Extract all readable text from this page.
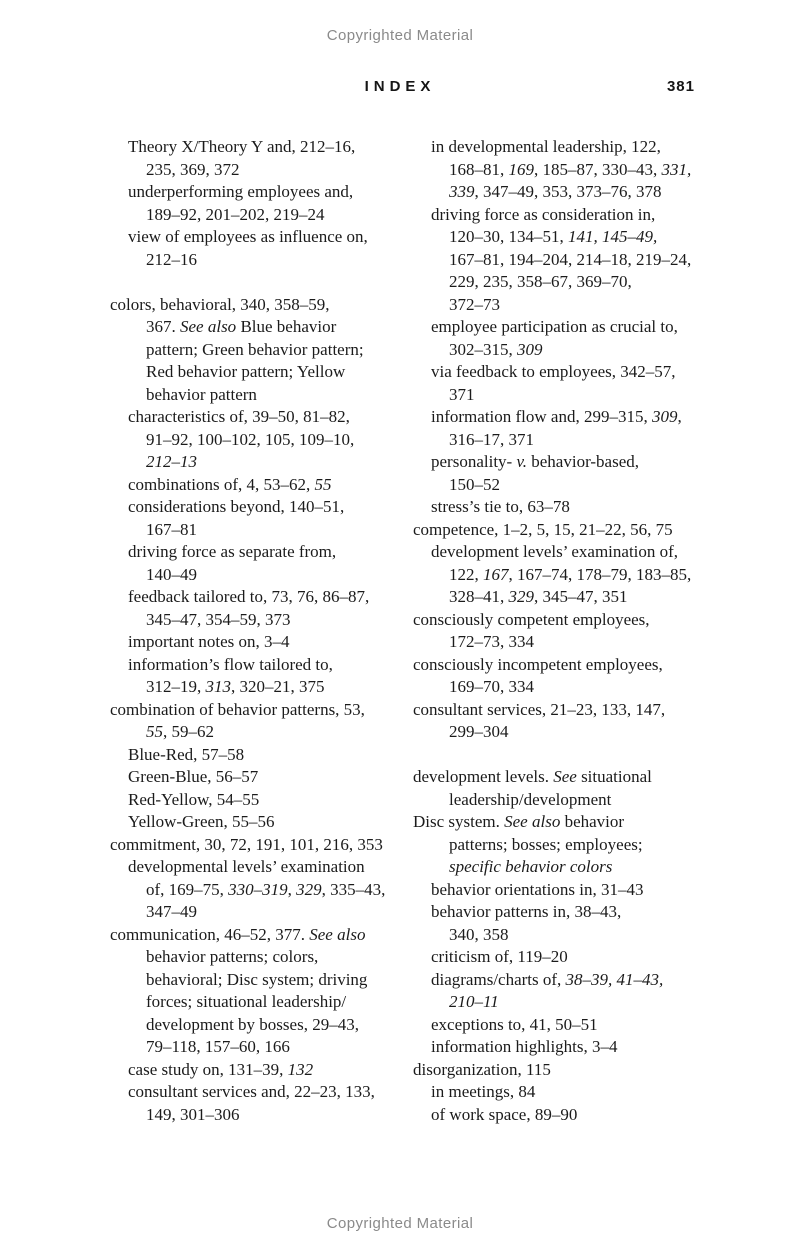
Copyrighted Material
INDEX	381
Theory X/Theory Y and, 212–16,
235, 369, 372
underperforming employees and,
189–92, 201–202, 219–24
view of employees as influence on,
212–16
colors, behavioral, 340, 358–59,
367. See also Blue behavior
pattern; Green behavior pattern;
Red behavior pattern; Yellow
behavior pattern
characteristics of, 39–50, 81–82,
91–92, 100–102, 105, 109–10,
212–13
combinations of, 4, 53–62, 55
considerations beyond, 140–51,
167–81
driving force as separate from,
140–49
feedback tailored to, 73, 76, 86–87,
345–47, 354–59, 373
important notes on, 3–4
information’s flow tailored to,
312–19, 313, 320–21, 375
combination of behavior patterns, 53,
55, 59–62
Blue-Red, 57–58
Green-Blue, 56–57
Red-Yellow, 54–55
Yellow-Green, 55–56
commitment, 30, 72, 191, 101, 216, 353
developmental levels’ examination
of, 169–75, 330–319, 329, 335–43,
347–49
communication, 46–52, 377. See also
behavior patterns; colors,
behavioral; Disc system; driving
forces; situational leadership/
development by bosses, 29–43,
79–118, 157–60, 166
case study on, 131–39, 132
consultant services and, 22–23, 133,
149, 301–306
in developmental leadership, 122,
168–81, 169, 185–87, 330–43, 331,
339, 347–49, 353, 373–76, 378
driving force as consideration in,
120–30, 134–51, 141, 145–49,
167–81, 194–204, 214–18, 219–24,
229, 235, 358–67, 369–70,
372–73
employee participation as crucial to,
302–315, 309
via feedback to employees, 342–57,
371
information flow and, 299–315, 309,
316–17, 371
personality- v. behavior-based,
150–52
stress’s tie to, 63–78
competence, 1–2, 5, 15, 21–22, 56, 75
development levels’ examination of,
122, 167, 167–74, 178–79, 183–85,
328–41, 329, 345–47, 351
consciously competent employees,
172–73, 334
consciously incompetent employees,
169–70, 334
consultant services, 21–23, 133, 147,
299–304
development levels. See situational
leadership/development
Disc system. See also behavior
patterns; bosses; employees;
specific behavior colors
behavior orientations in, 31–43
behavior patterns in, 38–43,
340, 358
criticism of, 119–20
diagrams/charts of, 38–39, 41–43,
210–11
exceptions to, 41, 50–51
information highlights, 3–4
disorganization, 115
in meetings, 84
of work space, 89–90
Copyrighted Material
